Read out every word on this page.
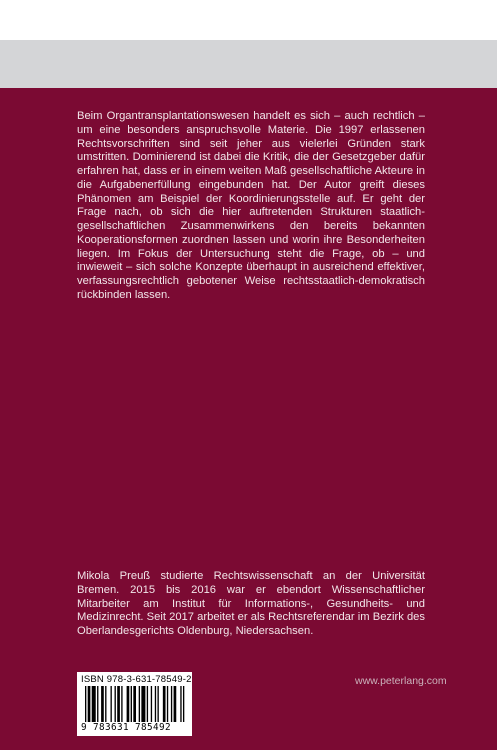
Beim Organtransplantationswesen handelt es sich – auch rechtlich – um eine besonders anspruchsvolle Materie. Die 1997 erlassenen Rechtsvorschriften sind seit jeher aus vielerlei Gründen stark umstritten. Dominierend ist dabei die Kritik, die der Gesetzgeber dafür erfahren hat, dass er in einem weiten Maß gesellschaftliche Akteure in die Aufgabenerfüllung eingebunden hat. Der Autor greift dieses Phänomen am Beispiel der Koordinierungsstelle auf. Er geht der Frage nach, ob sich die hier auftretenden Strukturen staatlich-gesellschaftlichen Zusammenwirkens den bereits bekannten Kooperationsformen zuordnen lassen und worin ihre Besonderheiten liegen. Im Fokus der Untersuchung steht die Frage, ob – und inwieweit – sich solche Konzepte überhaupt in ausreichend effektiver, verfassungsrechtlich gebotener Weise rechtsstaatlich-demokratisch rückbinden lassen.

Mikola Preuß studierte Rechtswissenschaft an der Universität Bremen. 2015 bis 2016 war er ebendort Wissenschaftlicher Mitarbeiter am Institut für Informations-, Gesundheits- und Medizinrecht. Seit 2017 arbeitet er als Rechtsreferendar im Bezirk des Oberlandesgerichts Oldenburg, Niedersachsen.

ISBN 978-3-631-78549-2
9 783631 785492
www.peterlang.com
